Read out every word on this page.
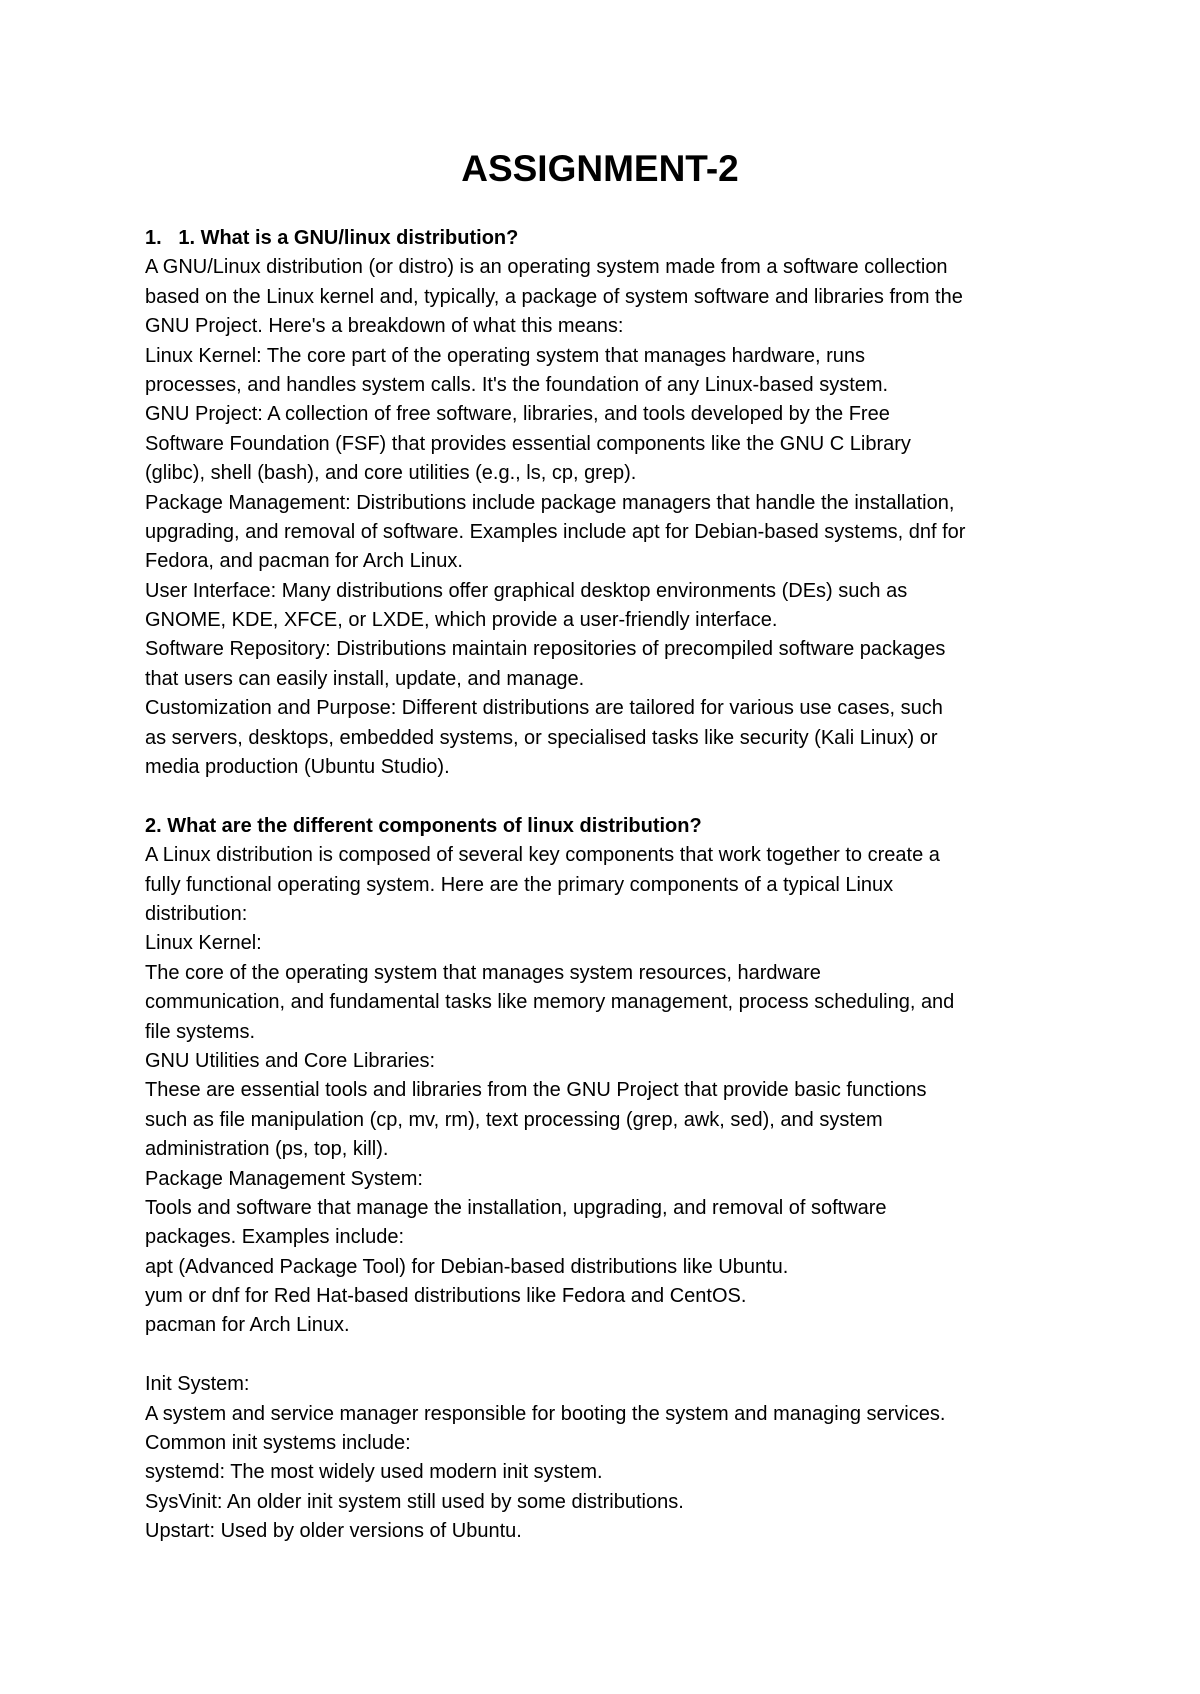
ASSIGNMENT-2
1.   1. What is a GNU/linux distribution?
A GNU/Linux distribution (or distro) is an operating system made from a software collection
based on the Linux kernel and, typically, a package of system software and libraries from the
GNU Project. Here's a breakdown of what this means:
Linux Kernel: The core part of the operating system that manages hardware, runs
processes, and handles system calls. It's the foundation of any Linux-based system.
GNU Project: A collection of free software, libraries, and tools developed by the Free
Software Foundation (FSF) that provides essential components like the GNU C Library
(glibc), shell (bash), and core utilities (e.g., ls, cp, grep).
Package Management: Distributions include package managers that handle the installation,
upgrading, and removal of software. Examples include apt for Debian-based systems, dnf for
Fedora, and pacman for Arch Linux.
User Interface: Many distributions offer graphical desktop environments (DEs) such as
GNOME, KDE, XFCE, or LXDE, which provide a user-friendly interface.
Software Repository: Distributions maintain repositories of precompiled software packages
that users can easily install, update, and manage.
Customization and Purpose: Different distributions are tailored for various use cases, such
as servers, desktops, embedded systems, or specialised tasks like security (Kali Linux) or
media production (Ubuntu Studio).
2. What are the different components of linux distribution?
A Linux distribution is composed of several key components that work together to create a
fully functional operating system. Here are the primary components of a typical Linux
distribution:
Linux Kernel:
The core of the operating system that manages system resources, hardware
communication, and fundamental tasks like memory management, process scheduling, and
file systems.
GNU Utilities and Core Libraries:
These are essential tools and libraries from the GNU Project that provide basic functions
such as file manipulation (cp, mv, rm), text processing (grep, awk, sed), and system
administration (ps, top, kill).
Package Management System:
Tools and software that manage the installation, upgrading, and removal of software
packages. Examples include:
apt (Advanced Package Tool) for Debian-based distributions like Ubuntu.
yum or dnf for Red Hat-based distributions like Fedora and CentOS.
pacman for Arch Linux.
Init System:
A system and service manager responsible for booting the system and managing services.
Common init systems include:
systemd: The most widely used modern init system.
SysVinit: An older init system still used by some distributions.
Upstart: Used by older versions of Ubuntu.
